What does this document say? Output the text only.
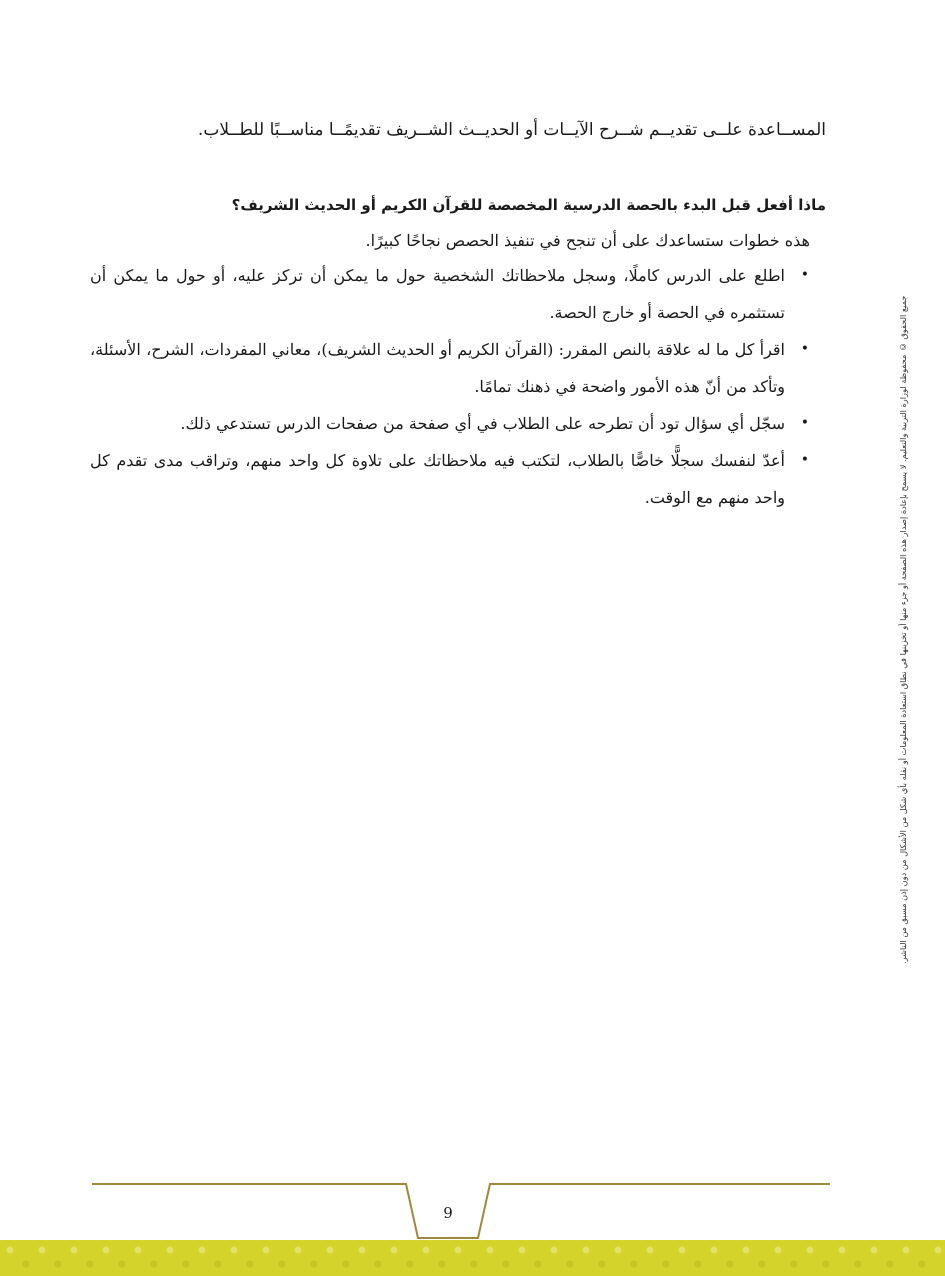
المســاعدة علــى تقديــم شــرح الآيــات أو الحديــث الشــريف تقديمًــا مناســبًا للطــلاب.
ماذا أفعل قبل البدء بالحصة الدرسية المخصصة للقرآن الكريم أو الحديث الشريف؟
هذه خطوات ستساعدك على أن تنجح في تنفيذ الحصص نجاحًا كبيرًا.
•
اطلع على الدرس كاملًا، وسجل ملاحظاتك الشخصية حول ما يمكن أن تركز عليه، أو حول ما يمكن أن تستثمره في الحصة أو خارج الحصة.
•
اقرأ كل ما له علاقة بالنص المقرر: (القرآن الكريم أو الحديث الشريف)، معاني المفردات، الشرح، الأسئلة، وتأكد من أنّ هذه الأمور واضحة في ذهنك تمامًا.
•
سجّل أي سؤال تود أن تطرحه على الطلاب في أي صفحة من صفحات الدرس تستدعي ذلك.
•
أعدّ لنفسك سجلًّا خاصًّا بالطلاب، لتكتب فيه ملاحظاتك على تلاوة كل واحد منهم، وتراقب مدى تقدم كل واحد منهم مع الوقت.	جميع الحقوق © محفوظة لوزارة التربية والتعليم. لا يسمح بإعادة إصدار هذه الصفحة أو جزء منها أو تخزينها في نطاق استعادة المعلومات أو نقله بأي شكل من الأشكال من دون إذن مسبق من الناشر.
9
